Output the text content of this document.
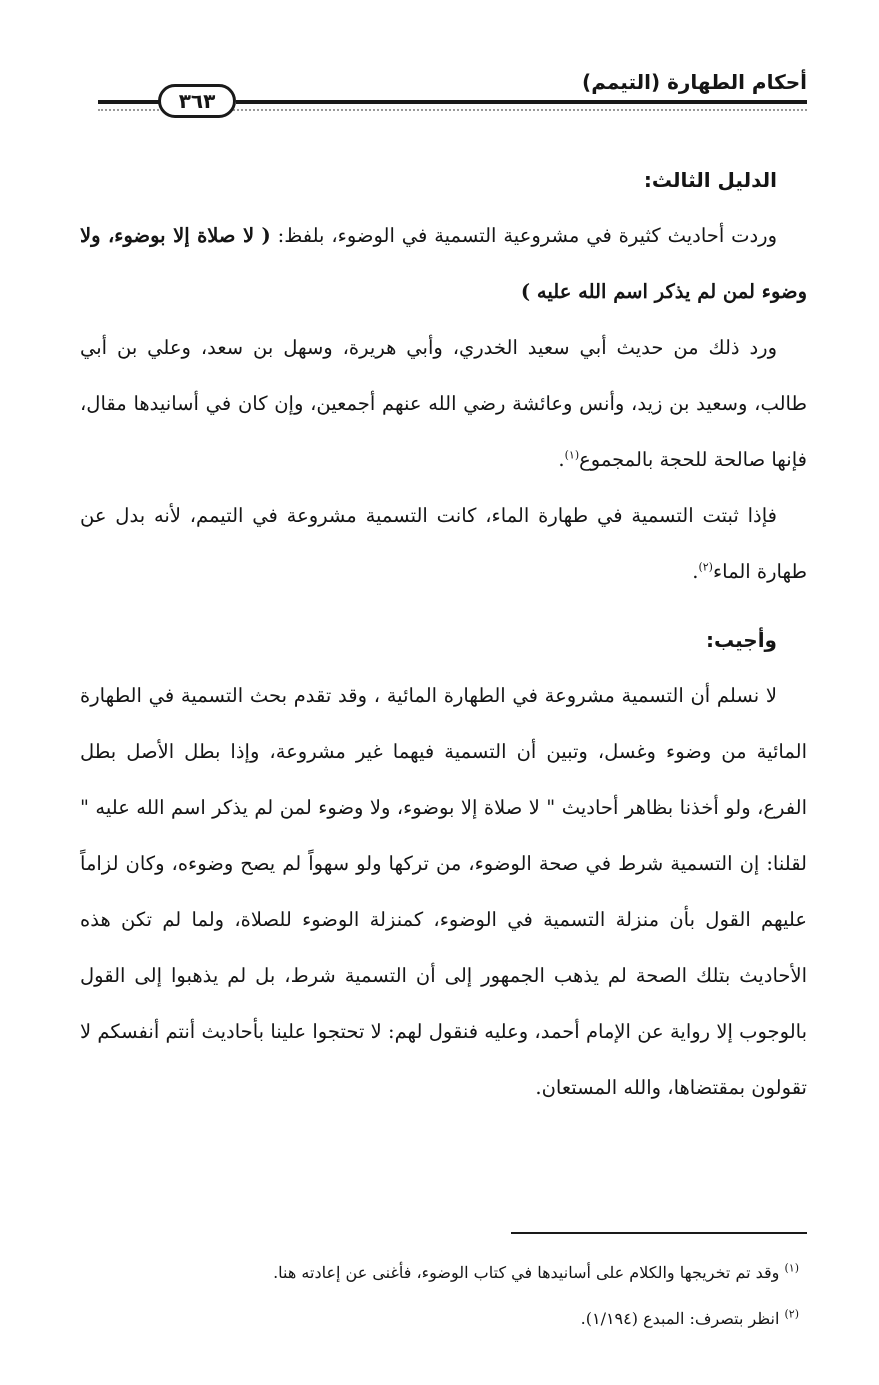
أحكام الطهارة (التيمم)
٣٦٣

الدليل الثالث:

وردت أحاديث كثيرة في مشروعية التسمية في الوضوء، بلفظ: ( لا صلاة إلا بوضوء، ولا وضوء لمن لم يذكر اسم الله عليه )

ورد ذلك من حديث أبي سعيد الخدري، وأبي هريرة، وسهل بن سعد، وعلي بن أبي طالب، وسعيد بن زيد، وأنس وعائشة رضي الله عنهم أجمعين، وإن كان في أسانيدها مقال، فإنها صالحة للحجة بالمجموع$^{(١)}$.

فإذا ثبتت التسمية في طهارة الماء، كانت التسمية مشروعة في التيمم، لأنه بدل عن طهارة الماء$^{(٢)}$.

وأجيب:

لا نسلم أن التسمية مشروعة في الطهارة المائية ، وقد تقدم بحث التسمية في الطهارة المائية من وضوء وغسل، وتبين أن التسمية فيهما غير مشروعة، وإذا بطل الأصل بطل الفرع، ولو أخذنا بظاهر أحاديث " لا صلاة إلا بوضوء، ولا وضوء لمن لم يذكر اسم الله عليه " لقلنا: إن التسمية شرط في صحة الوضوء، من تركها ولو سهواً لم يصح وضوءه، وكان لزاماً عليهم القول بأن منزلة التسمية في الوضوء، كمنزلة الوضوء للصلاة، ولما لم تكن هذه الأحاديث بتلك الصحة لم يذهب الجمهور إلى أن التسمية شرط، بل لم يذهبوا إلى القول بالوجوب إلا رواية عن الإمام أحمد، وعليه فنقول لهم: لا تحتجوا علينا بأحاديث أنتم أنفسكم لا تقولون بمقتضاها، والله المستعان.

$^{(١)}$ وقد تم تخريجها والكلام على أسانيدها في كتاب الوضوء، فأغنى عن إعادته هنا.

$^{(٢)}$ انظر بتصرف: المبدع (١/١٩٤).
